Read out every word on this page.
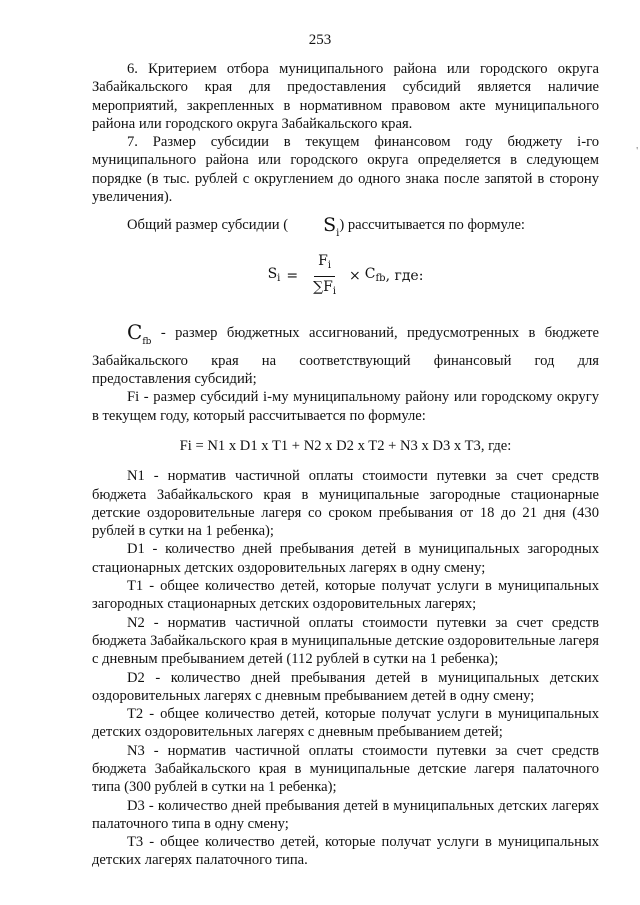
253
'

6. Критерием отбора муниципального района или городского округа Забайкальского края для предоставления субсидий является наличие мероприятий, закрепленных в нормативном правовом акте муниципального района или городского округа Забайкальского края.

7. Размер субсидии в текущем финансовом году бюджету i-го муниципального района или городского округа определяется в следующем порядке (в тыс. рублей с округлением до одного знака после запятой в сторону увеличения).

Общий размер субсидии ( $S_i$) рассчитывается по формуле:

$S_i = \frac{F_i}{\sum F_i} \times C_{fb}$ , где:
$C_{fb}$ - размер бюджетных ассигнований, предусмотренных в бюджете
Забайкальского края на соответствующий финансовый год для
предоставления субсидий;

Fi - размер субсидий i-му муниципальному району или городскому округу в текущем году, который рассчитывается по формуле:

Fi = N1 x D1 x T1 + N2 x D2 x T2 + N3 x D3 x T3, где:

N1 - норматив частичной оплаты стоимости путевки за счет средств бюджета Забайкальского края в муниципальные загородные стационарные детские оздоровительные лагеря со сроком пребывания от 18 до 21 дня (430 рублей в сутки на 1 ребенка);

D1 - количество дней пребывания детей в муниципальных загородных стационарных детских оздоровительных лагерях в одну смену;

T1 - общее количество детей, которые получат услуги в муниципальных загородных стационарных детских оздоровительных лагерях;

N2 - норматив частичной оплаты стоимости путевки за счет средств бюджета Забайкальского края в муниципальные детские оздоровительные лагеря с дневным пребыванием детей (112 рублей в сутки на 1 ребенка);

D2 - количество дней пребывания детей в муниципальных детских оздоровительных лагерях с дневным пребыванием детей в одну смену;

T2 - общее количество детей, которые получат услуги в муниципальных детских оздоровительных лагерях с дневным пребыванием детей;

N3 - норматив частичной оплаты стоимости путевки за счет средств бюджета Забайкальского края в муниципальные детские лагеря палаточного типа (300 рублей в сутки на 1 ребенка);

D3 - количество дней пребывания детей в муниципальных детских лагерях палаточного типа в одну смену;

T3 - общее количество детей, которые получат услуги в муниципальных детских лагерях палаточного типа.
